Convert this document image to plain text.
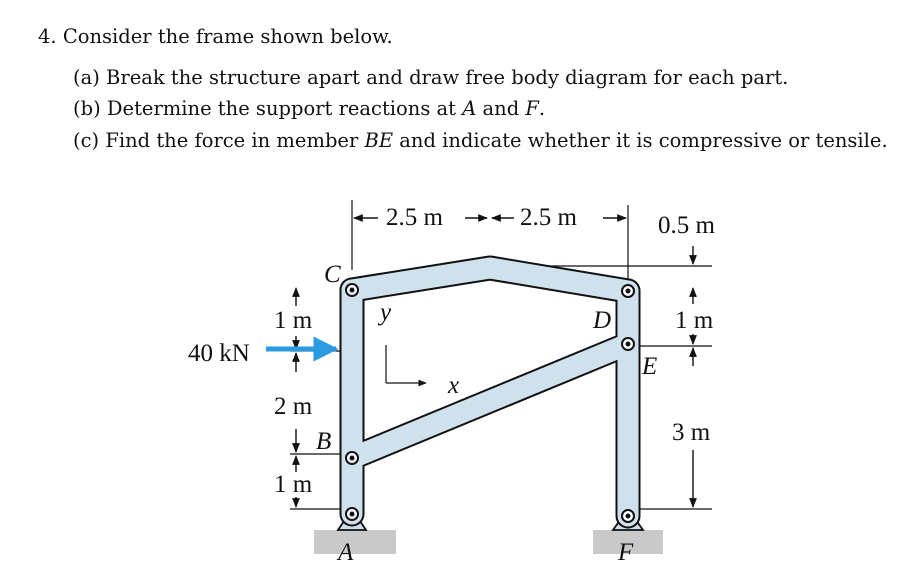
4. Consider the frame shown below.
(a) Break the structure apart and draw free body diagram for each part.
(b) Determine the support reactions at A and F.
(c) Find the force in member BE and indicate whether it is compressive or tensile.
40 kN
2.5 m	2.5 m	0.5 m
1 m
2 m
1 m
1 m
3 m
C
D
E
B
A	F
y
x
